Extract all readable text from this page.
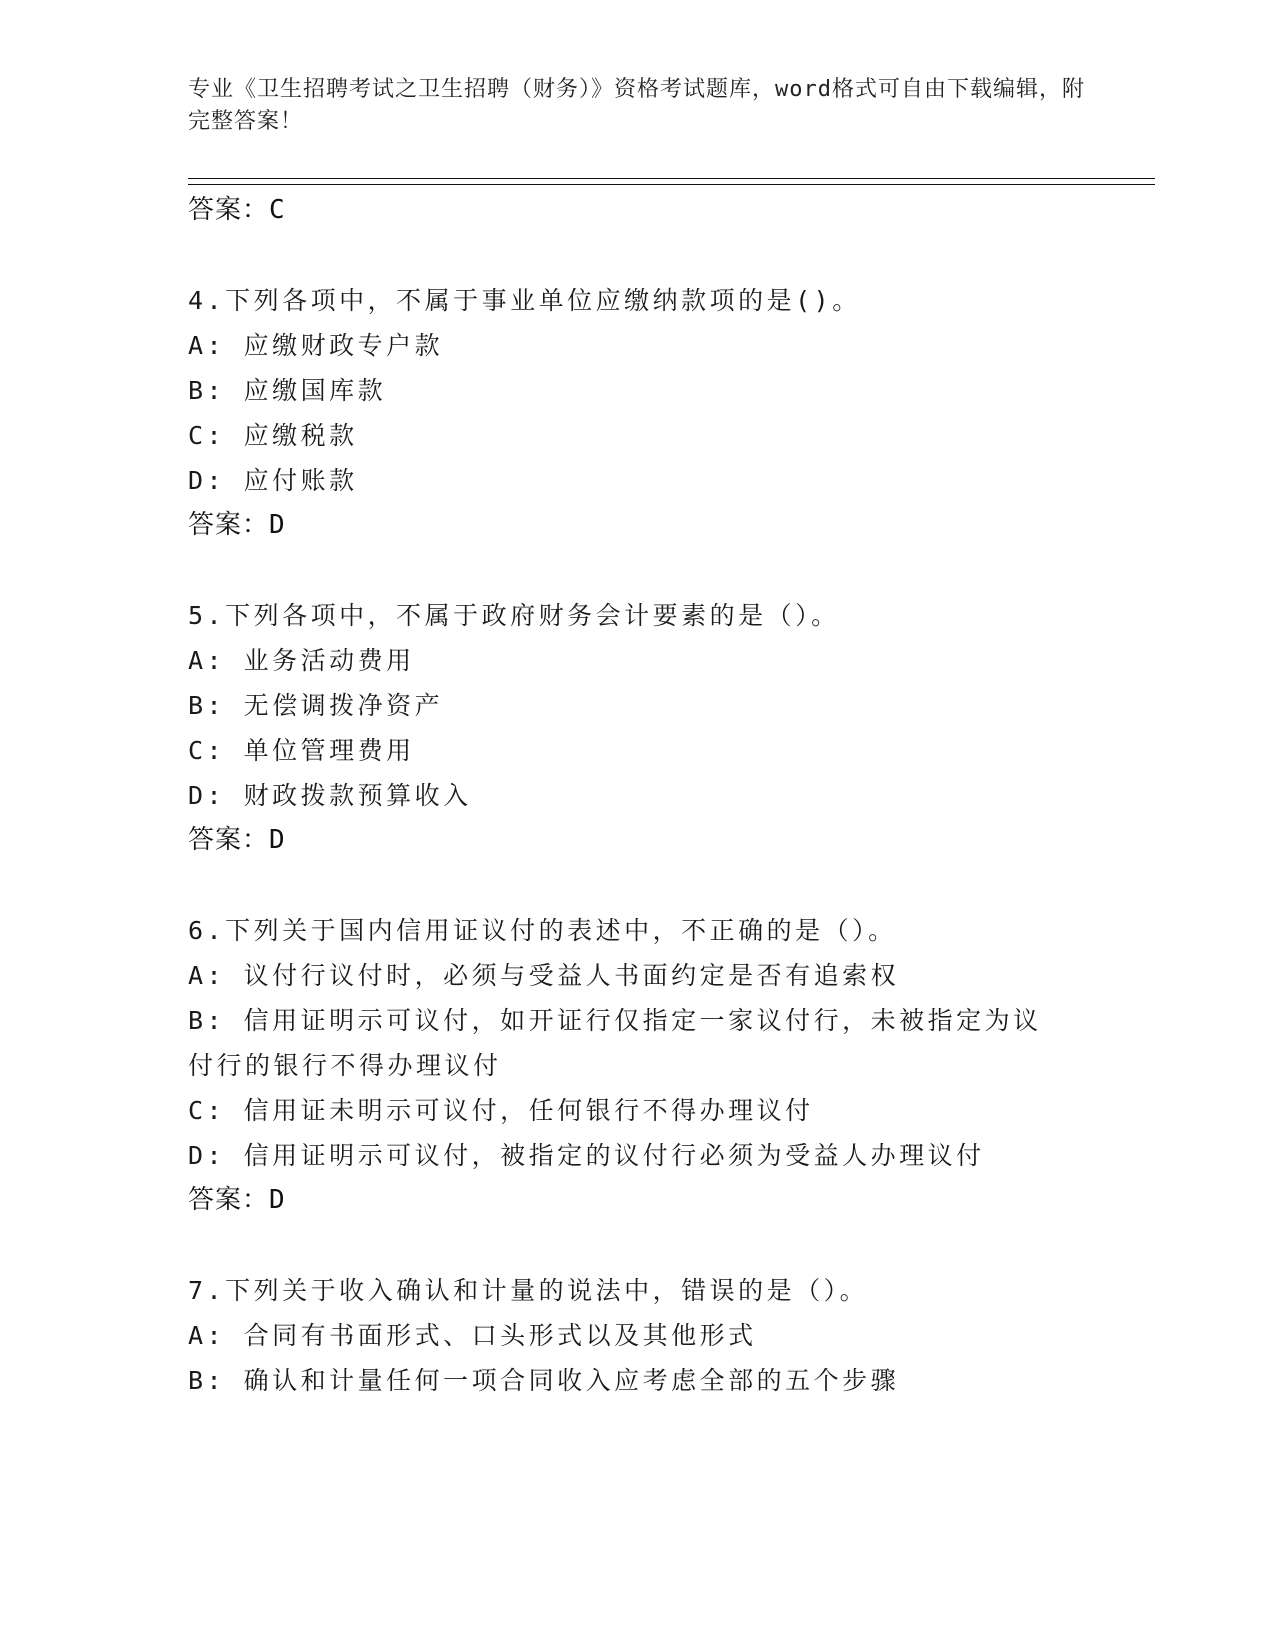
专业《卫生招聘考试之卫生招聘（财务）》资格考试题库，word格式可自由下载编辑，附完整答案！
答案：C
4.下列各项中，不属于事业单位应缴纳款项的是()。
A: 应缴财政专户款
B: 应缴国库款
C: 应缴税款
D: 应付账款
答案：D
5.下列各项中，不属于政府财务会计要素的是（）。
A: 业务活动费用
B: 无偿调拨净资产
C: 单位管理费用
D: 财政拨款预算收入
答案：D
6.下列关于国内信用证议付的表述中，不正确的是（）。
A: 议付行议付时，必须与受益人书面约定是否有追索权
B: 信用证明示可议付，如开证行仅指定一家议付行，未被指定为议付行的银行不得办理议付
C: 信用证未明示可议付，任何银行不得办理议付
D: 信用证明示可议付，被指定的议付行必须为受益人办理议付
答案：D
7.下列关于收入确认和计量的说法中，错误的是（）。
A: 合同有书面形式、口头形式以及其他形式
B: 确认和计量任何一项合同收入应考虑全部的五个步骤
